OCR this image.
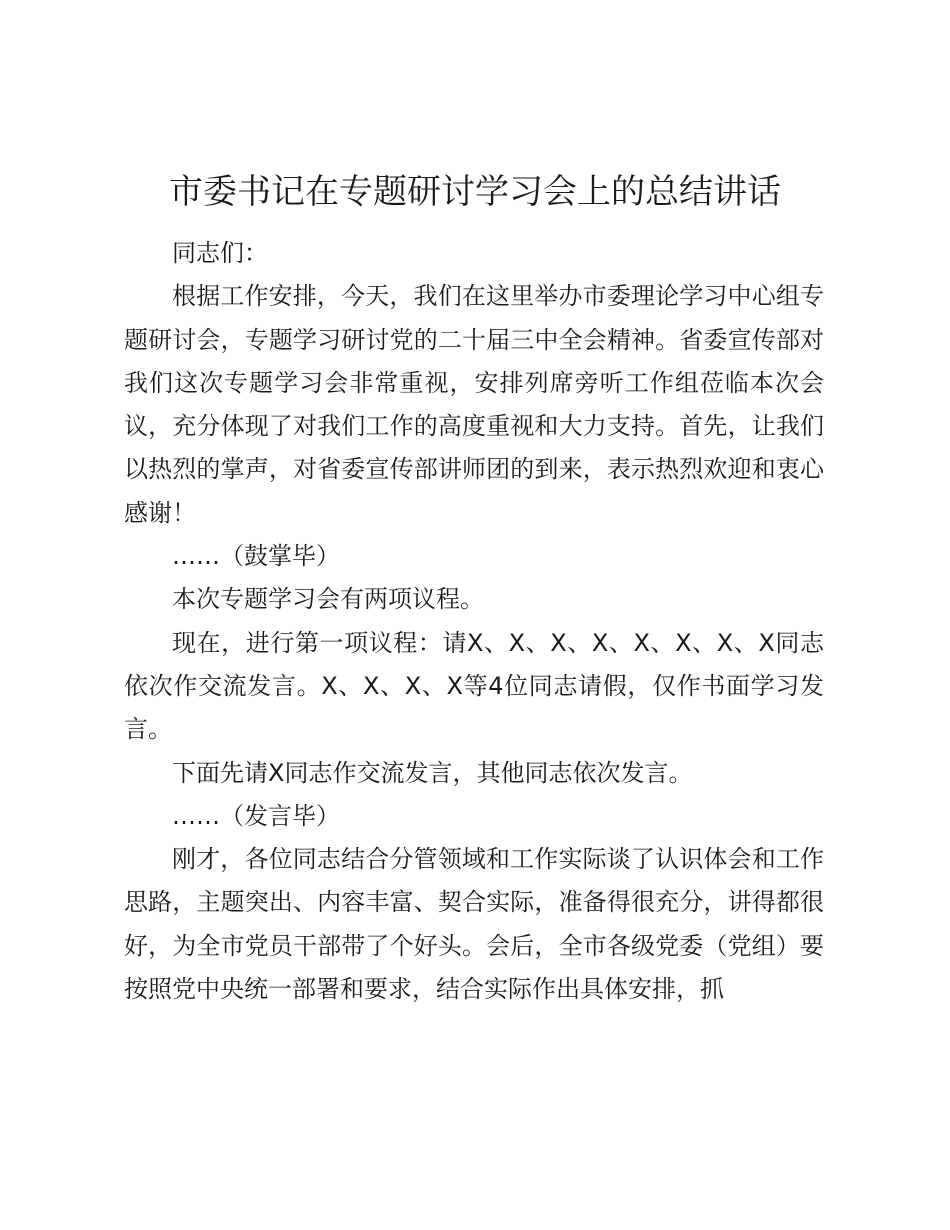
市委书记在专题研讨学习会上的总结讲话

同志们：

根据工作安排，今天，我们在这里举办市委理论学习中心组专题研讨会，专题学习研讨党的二十届三中全会精神。省委宣传部对我们这次专题学习会非常重视，安排列席旁听工作组莅临本次会议，充分体现了对我们工作的高度重视和大力支持。首先，让我们以热烈的掌声，对省委宣传部讲师团的到来，表示热烈欢迎和衷心感谢！

……（鼓掌毕）

本次专题学习会有两项议程。

现在，进行第一项议程：请X、X、X、X、X、X、X、X同志依次作交流发言。X、X、X、X等4位同志请假，仅作书面学习发言。

下面先请X同志作交流发言，其他同志依次发言。

……（发言毕）

刚才，各位同志结合分管领域和工作实际谈了认识体会和工作思路，主题突出、内容丰富、契合实际，准备得很充分，讲得都很好，为全市党员干部带了个好头。会后，全市各级党委（党组）要按照党中央统一部署和要求，结合实际作出具体安排，抓
